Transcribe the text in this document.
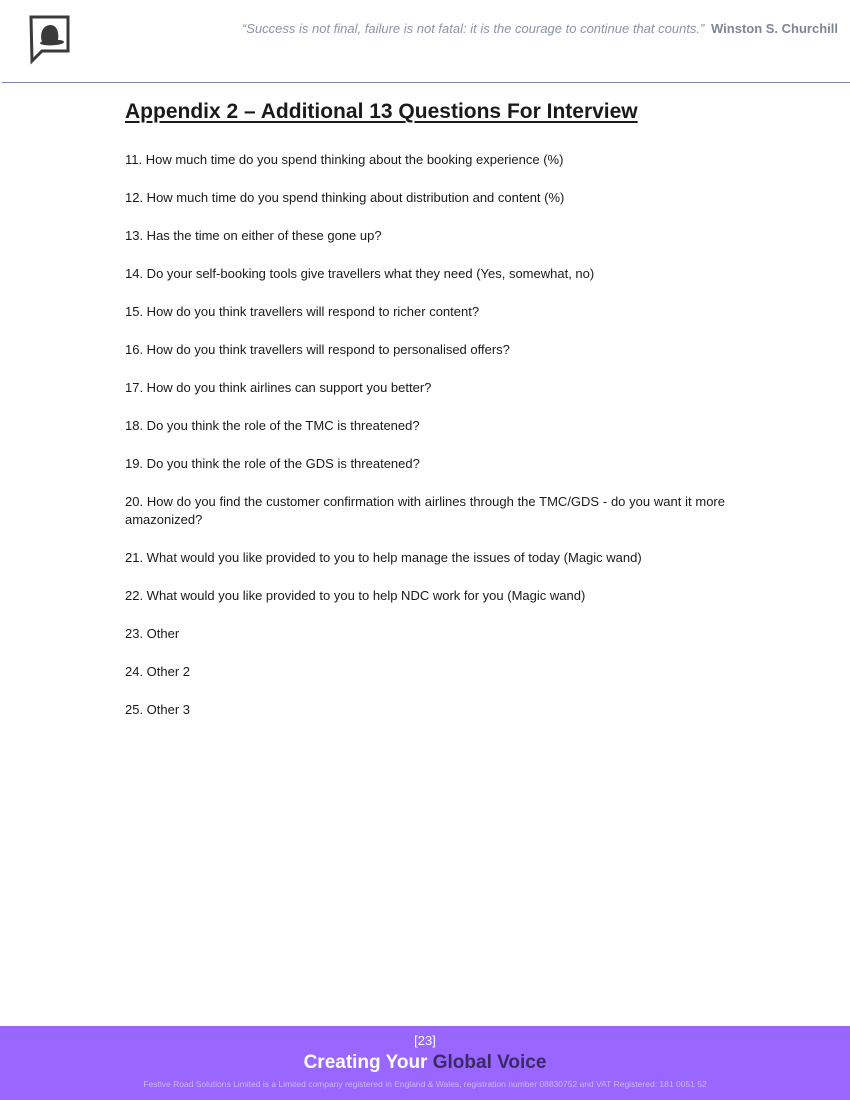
“Success is not final, failure is not fatal: it is the courage to continue that counts.” Winston S. Churchill
Appendix 2 – Additional 13 Questions For Interview
11. How much time do you spend thinking about the booking experience (%)
12. How much time do you spend thinking about distribution and content (%)
13. Has the time on either of these gone up?
14. Do your self-booking tools give travellers what they need (Yes, somewhat, no)
15. How do you think travellers will respond to richer content?
16. How do you think travellers will respond to personalised offers?
17. How do you think airlines can support you better?
18. Do you think the role of the TMC is threatened?
19. Do you think the role of the GDS is threatened?
20. How do you find the customer confirmation with airlines through the TMC/GDS - do you want it more amazonized?
21. What would you like provided to you to help manage the issues of today (Magic wand)
22. What would you like provided to you to help NDC work for you (Magic wand)
23. Other
24. Other 2
25. Other 3
[23]
Creating Your Global Voice
Festive Road Solutions Limited is a Limited company registered in England & Wales, registration number 08830752 and VAT Registered: 181 0051 52
